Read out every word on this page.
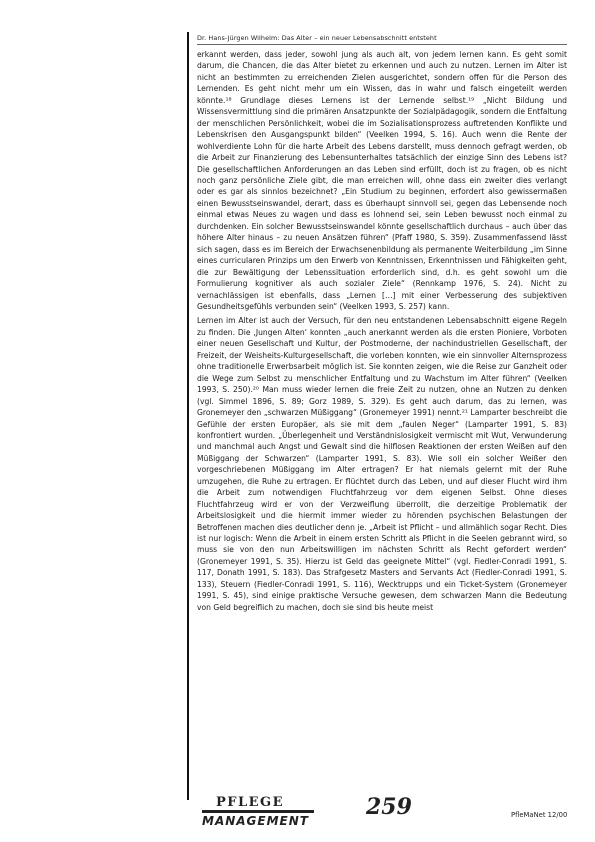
Dr. Hans-Jürgen Wilhelm: Das Alter – ein neuer Lebensabschnitt entsteht

erkannt werden, dass jeder, sowohl jung als auch alt, von jedem lernen kann. Es geht somit darum, die Chancen, die das Alter bietet zu erkennen und auch zu nutzen. Lernen im Alter ist nicht an bestimmten zu erreichenden Zielen ausgerichtet, sondern offen für die Person des Lernenden. Es geht nicht mehr um ein Wissen, das in wahr und falsch eingeteilt werden könnte.¹⁸ Grundlage dieses Lernens ist der Lernende selbst.¹⁹ „Nicht Bildung und Wissensvermittlung sind die primären Ansatzpunkte der Sozialpädagogik, sondern die Entfaltung der menschlichen Persönlichkeit, wobei die im Sozialisationsprozess auftretenden Konflikte und Lebenskrisen den Ausgangspunkt bilden“ (Veelken 1994, S. 16). Auch wenn die Rente der wohlverdiente Lohn für die harte Arbeit des Lebens darstellt, muss dennoch gefragt werden, ob die Arbeit zur Finanzierung des Lebensunterhaltes tatsächlich der einzige Sinn des Lebens ist? Die gesellschaftlichen Anforderungen an das Leben sind erfüllt, doch ist zu fragen, ob es nicht noch ganz persönliche Ziele gibt, die man erreichen will, ohne dass ein zweiter dies verlangt oder es gar als sinnlos bezeichnet? „Ein Studium zu beginnen, erfordert also gewissermaßen einen Bewusstseinswandel, derart, dass es überhaupt sinnvoll sei, gegen das Lebensende noch einmal etwas Neues zu wagen und dass es lohnend sei, sein Leben bewusst noch einmal zu durchdenken. Ein solcher Bewusstseinswandel könnte gesellschaftlich durchaus – auch über das höhere Alter hinaus – zu neuen Ansätzen führen“ (Pfaff 1980, S. 359). Zusammenfassend lässt sich sagen, dass es im Bereich der Erwachsenenbildung als permanente Weiterbildung „im Sinne eines curricularen Prinzips um den Erwerb von Kenntnissen, Erkenntnissen und Fähigkeiten geht, die zur Bewältigung der Lebenssituation erforderlich sind, d.h. es geht sowohl um die Formulierung kognitiver als auch sozialer Ziele“ (Rennkamp 1976, S. 24). Nicht zu vernachlässigen ist ebenfalls, dass „Lernen […] mit einer Verbesserung des subjektiven Gesundheitsgefühls verbunden sein“ (Veelken 1993, S. 257) kann.

Lernen im Alter ist auch der Versuch, für den neu entstandenen Lebensabschnitt eigene Regeln zu finden. Die ‚Jungen Alten‘ konnten „auch anerkannt werden als die ersten Pioniere, Vorboten einer neuen Gesellschaft und Kultur, der Postmoderne, der nachindustriellen Gesellschaft, der Freizeit, der Weisheits-Kulturgesellschaft, die vorleben konnten, wie ein sinnvoller Alternsprozess ohne traditionelle Erwerbsarbeit möglich ist. Sie konnten zeigen, wie die Reise zur Ganzheit oder die Wege zum Selbst zu menschlicher Entfaltung und zu Wachstum im Alter führen“ (Veelken 1993, S. 250).²⁰ Man muss wieder lernen die freie Zeit zu nutzen, ohne an Nutzen zu denken (vgl. Simmel 1896, S. 89; Gorz 1989, S. 329). Es geht auch darum, das zu lernen, was Gronemeyer den „schwarzen Müßiggang“ (Gronemeyer 1991) nennt.²¹ Lamparter beschreibt die Gefühle der ersten Europäer, als sie mit dem „faulen Neger“ (Lamparter 1991, S. 83) konfrontiert wurden. „Überlegenheit und Verständnislosigkeit vermischt mit Wut, Verwunderung und manchmal auch Angst und Gewalt sind die hilflosen Reaktionen der ersten Weißen auf den Müßiggang der Schwarzen“ (Lamparter 1991, S. 83). Wie soll ein solcher Weißer den vorgeschriebenen Müßiggang im Alter ertragen? Er hat niemals gelernt mit der Ruhe umzugehen, die Ruhe zu ertragen. Er flüchtet durch das Leben, und auf dieser Flucht wird ihm die Arbeit zum notwendigen Fluchtfahrzeug vor dem eigenen Selbst. Ohne dieses Fluchtfahrzeug wird er von der Verzweiflung überrollt, die derzeitige Problematik der Arbeitslosigkeit und die hiermit immer wieder zu hörenden psychischen Belastungen der Betroffenen machen dies deutlicher denn je. „Arbeit ist Pflicht – und allmählich sogar Recht. Dies ist nur logisch: Wenn die Arbeit in einem ersten Schritt als Pflicht in die Seelen gebrannt wird, so muss sie von den nun Arbeitswilligen im nächsten Schritt als Recht gefordert werden“ (Gronemeyer 1991, S. 35). Hierzu ist Geld das geeignete Mittel“ (vgl. Fiedler-Conradi 1991, S. 117, Donath 1991, S. 183). Das Strafgesetz Masters and Servants Act (Fiedler-Conradi 1991, S. 133), Steuern (Fiedler-Conradi 1991, S. 116), Wecktrupps und ein Ticket-System (Gronemeyer 1991, S. 45), sind einige praktische Versuche gewesen, dem schwarzen Mann die Bedeutung von Geld begreiflich zu machen, doch sie sind bis heute meist

PFLEGE
MANAGEMENT
259	PfleMaNet 12/00
